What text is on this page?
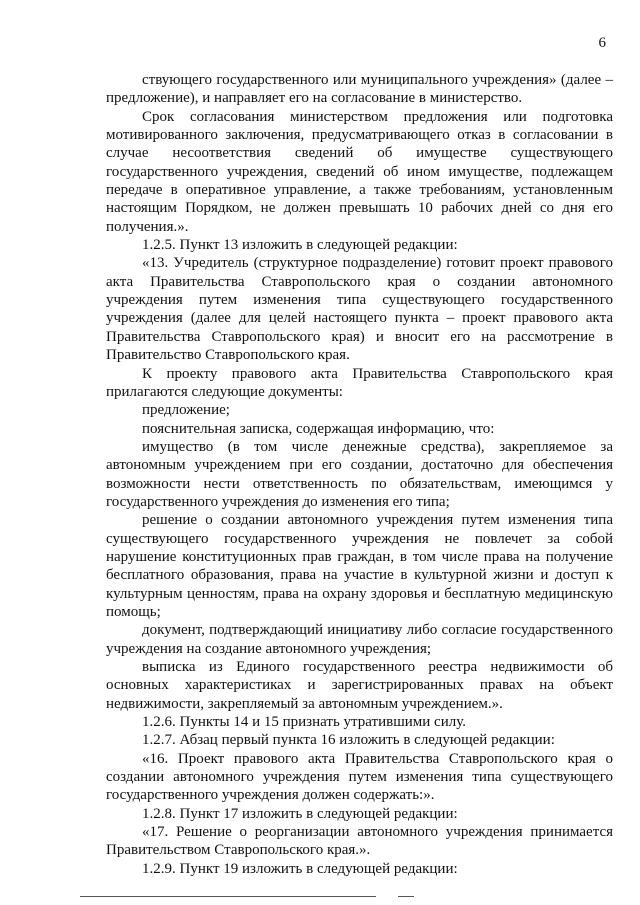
6

ствующего государственного или муниципального учреждения» (далее – предложение), и направляет его на согласование в министерство.

Срок согласования министерством предложения или подготовка мотивированного заключения, предусматривающего отказ в согласовании в случае несоответствия сведений об имуществе существующего государственного учреждения, сведений об ином имуществе, подлежащем передаче в оперативное управление, а также требованиям, установленным настоящим Порядком, не должен превышать 10 рабочих дней со дня его получения.».

1.2.5. Пункт 13 изложить в следующей редакции:

«13. Учредитель (структурное подразделение) готовит проект правового акта Правительства Ставропольского края о создании автономного учреждения путем изменения типа существующего государственного учреждения (далее для целей настоящего пункта – проект правового акта Правительства Ставропольского края) и вносит его на рассмотрение в Правительство Ставропольского края.

К проекту правового акта Правительства Ставропольского края прилагаются следующие документы:

предложение;

пояснительная записка, содержащая информацию, что:

имущество (в том числе денежные средства), закрепляемое за автономным учреждением при его создании, достаточно для обеспечения возможности нести ответственность по обязательствам, имеющимся у государственного учреждения до изменения его типа;

решение о создании автономного учреждения путем изменения типа существующего государственного учреждения не повлечет за собой нарушение конституционных прав граждан, в том числе права на получение бесплатного образования, права на участие в культурной жизни и доступ к культурным ценностям, права на охрану здоровья и бесплатную медицинскую помощь;

документ, подтверждающий инициативу либо согласие государственного учреждения на создание автономного учреждения;

выписка из Единого государственного реестра недвижимости об основных характеристиках и зарегистрированных правах на объект недвижимости, закрепляемый за автономным учреждением.».

1.2.6. Пункты 14 и 15 признать утратившими силу.

1.2.7. Абзац первый пункта 16 изложить в следующей редакции:

«16. Проект правового акта Правительства Ставропольского края о создании автономного учреждения путем изменения типа существующего государственного учреждения должен содержать:».

1.2.8. Пункт 17 изложить в следующей редакции:

«17. Решение о реорганизации автономного учреждения принимается Правительством Ставропольского края.».

1.2.9. Пункт 19 изложить в следующей редакции:
